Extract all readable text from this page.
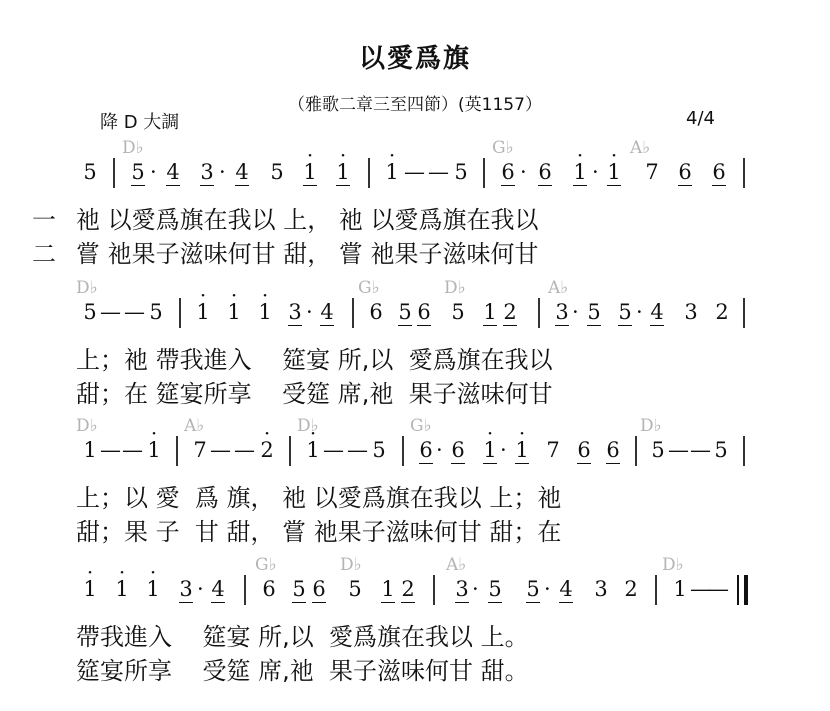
以愛爲旗
（雅歌二章三至四節）(英1157）
降 D 大調	4/4
D♭	G♭	A♭
5 5 · 4 3 · 4 5 · 1 · 1 · 1 — — 5 6 · 6 · 1 · · 1 7 6 6
一
二
祂 以愛爲旗在我以 上， 祂 以愛爲旗在我以
嘗 祂果子滋味何甘 甜， 嘗 祂果子滋味何甘
D♭	G♭	D♭	A♭
5 — — 5 · 1 · 1 · 1 3 · 4 6 5 6 5 1 2 3 · 5 5 · 4 3 2
上；祂 帶我進入    筵宴 所,以  愛爲旗在我以
甜；在 筵宴所享    受筵 席,祂  果子滋味何甘
D♭	A♭	D♭	G♭	D♭
1 — — · 1 7 — — · 2 · 1 — — 5 6 · 6 · 1 · · 1 7 6 6 5 — — 5
上；以 愛  爲 旗， 祂 以愛爲旗在我以 上；祂
甜；果 子  甘 甜， 嘗 祂果子滋味何甘 甜；在
G♭	D♭	A♭	D♭
· 1 · 1 · 1 3 · 4 6 5 6 5 1 2 3 · 5 5 · 4 3 2 1 —
—
帶我進入    筵宴 所,以  愛爲旗在我以 上。
筵宴所享    受筵 席,祂  果子滋味何甘 甜。
